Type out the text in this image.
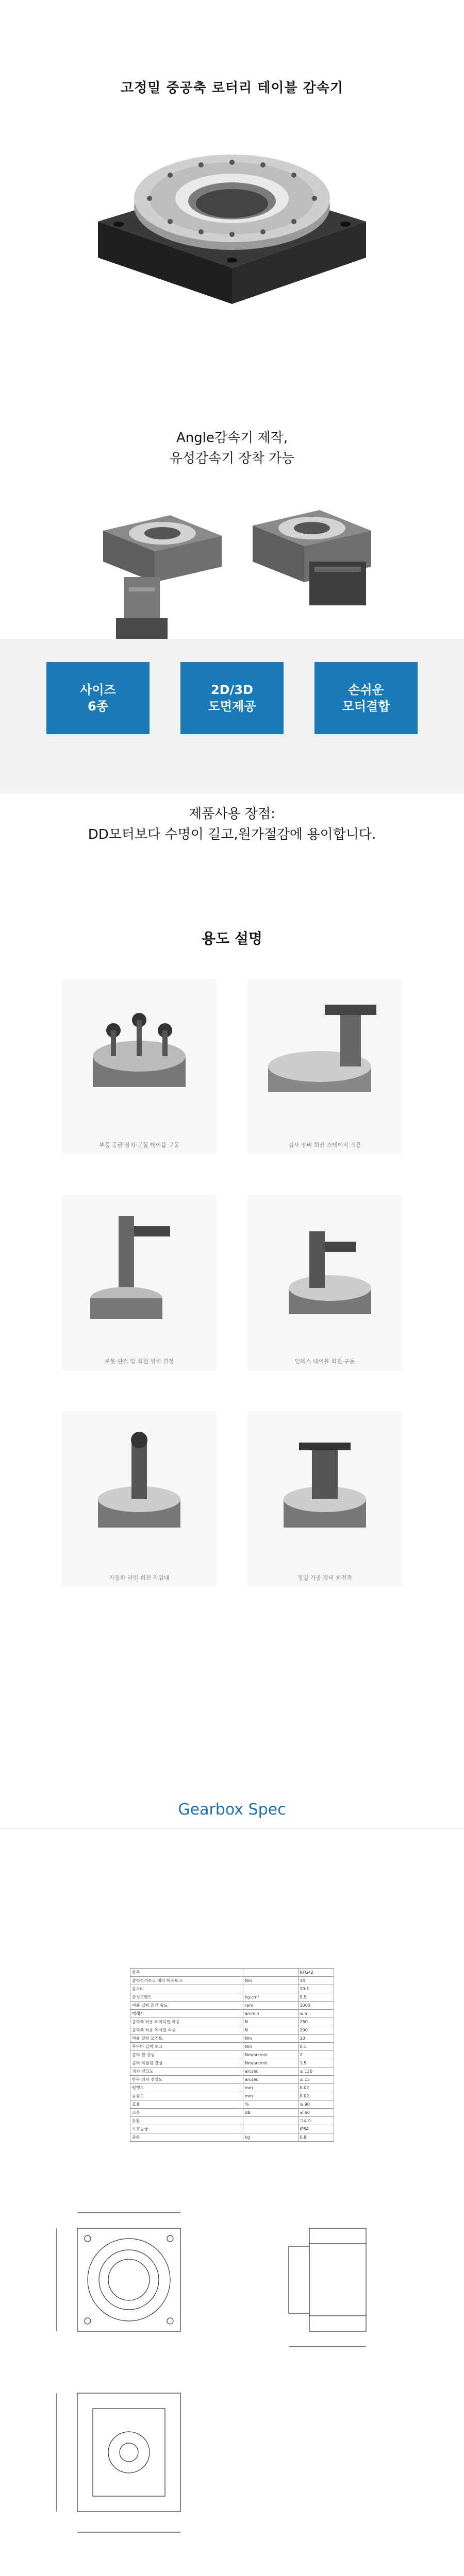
고정밀 중공축 로터리 테이블 감속기
Angle감속기 제작,
유성감속기 장착 가능
사이즈
6종
2D/3D
도면제공
손쉬운
모터결합
제품사용 장점:
DD모터보다 수명이 길고,원가절감에 용이합니다.
용도 설명
부품 공급 장치·분할 테이블 구동	검사 장비 회전 스테이지 적용
로봇 관절 및 회전 위치 결정	인덱스 테이블 회전 구동
자동화 라인 회전 작업대	정밀 가공 장비 회전축
Gearbox Spec
항목		RTG42
출력정격토크 대비 허용토크	Nm	14
감속비		10:1
관성모멘트	kg·cm²	0.5
허용 입력 회전 속도	rpm	3000
백래시	arcmin	≤ 5
출력축 허용 레이디얼 하중	N	250
출력축 허용 액시얼 하중	N	200
허용 틸팅 모멘트	Nm	10
무부하 입력 토크	Nm	0.1
출력 휨 강성	Nm/arcmin	2
출력 비틀림 강성	Nm/arcmin	1.5
위치 정밀도	arcsec	≤ 120
반복 위치 정밀도	arcsec	± 15
평행도	mm	0.02
동심도	mm	0.02
효율	%	≥ 90
소음	dB	≤ 60
윤활		그리스
보호등급		IP54
중량	kg	0.8
